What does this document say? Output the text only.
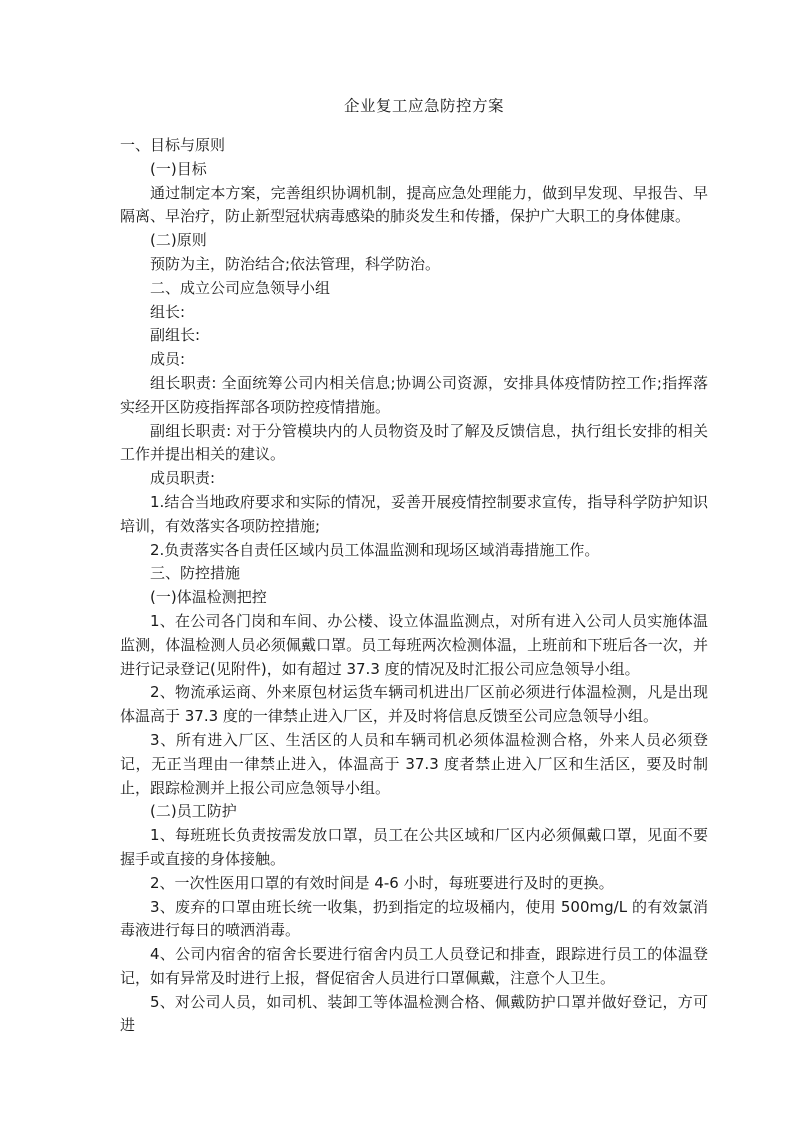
企业复工应急防控方案
一、目标与原则
(一)目标
通过制定本方案，完善组织协调机制，提高应急处理能力，做到早发现、早报告、早隔离、早治疗，防止新型冠状病毒感染的肺炎发生和传播，保护广大职工的身体健康。
(二)原则
预防为主，防治结合;依法管理，科学防治。
二、成立公司应急领导小组
组长:
副组长:
成员:
组长职责: 全面统筹公司内相关信息;协调公司资源，安排具体疫情防控工作;指挥落实经开区防疫指挥部各项防控疫情措施。
副组长职责: 对于分管模块内的人员物资及时了解及反馈信息，执行组长安排的相关工作并提出相关的建议。
成员职责:
1.结合当地政府要求和实际的情况，妥善开展疫情控制要求宣传，指导科学防护知识培训，有效落实各项防控措施;
2.负责落实各自责任区域内员工体温监测和现场区域消毒措施工作。
三、防控措施
(一)体温检测把控
1、在公司各门岗和车间、办公楼、设立体温监测点，对所有进入公司人员实施体温监测，体温检测人员必须佩戴口罩。员工每班两次检测体温，上班前和下班后各一次，并进行记录登记(见附件)，如有超过 37.3 度的情况及时汇报公司应急领导小组。
2、物流承运商、外来原包材运货车辆司机进出厂区前必须进行体温检测，凡是出现体温高于 37.3 度的一律禁止进入厂区，并及时将信息反馈至公司应急领导小组。
3、所有进入厂区、生活区的人员和车辆司机必须体温检测合格，外来人员必须登记，无正当理由一律禁止进入，体温高于 37.3 度者禁止进入厂区和生活区，要及时制止，跟踪检测并上报公司应急领导小组。
(二)员工防护
1、每班班长负责按需发放口罩，员工在公共区域和厂区内必须佩戴口罩，见面不要握手或直接的身体接触。
2、一次性医用口罩的有效时间是 4-6 小时，每班要进行及时的更换。
3、废弃的口罩由班长统一收集，扔到指定的垃圾桶内，使用 500mg/L 的有效氯消毒液进行每日的喷洒消毒。
4、公司内宿舍的宿舍长要进行宿舍内员工人员登记和排查，跟踪进行员工的体温登记，如有异常及时进行上报，督促宿舍人员进行口罩佩戴，注意个人卫生。
5、对公司人员，如司机、装卸工等体温检测合格、佩戴防护口罩并做好登记，方可进
